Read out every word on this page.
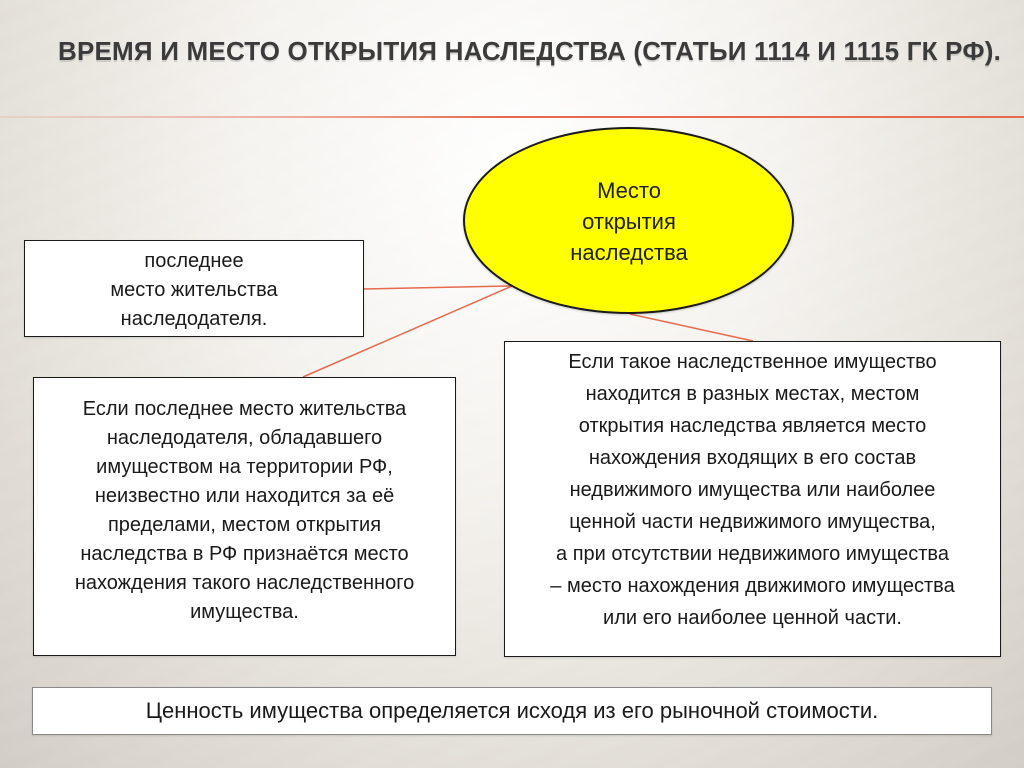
ВРЕМЯ И МЕСТО ОТКРЫТИЯ НАСЛЕДСТВА (СТАТЬИ 1114 И 1115 ГК РФ).
Место
открытия
наследства
последнее
место жительства
наследодателя.
Если последнее место жительства
наследодателя, обладавшего
имуществом на территории РФ,
неизвестно или находится за её
пределами, местом открытия
наследства в РФ признаётся место
нахождения такого наследственного
имущества.
Если такое наследственное имущество
находится в разных местах, местом
открытия наследства является место
нахождения входящих в его состав
недвижимого имущества или наиболее
ценной части недвижимого имущества,
а при отсутствии недвижимого имущества
– место нахождения движимого имущества
или его наиболее ценной части.
Ценность имущества определяется исходя из его рыночной стоимости.
